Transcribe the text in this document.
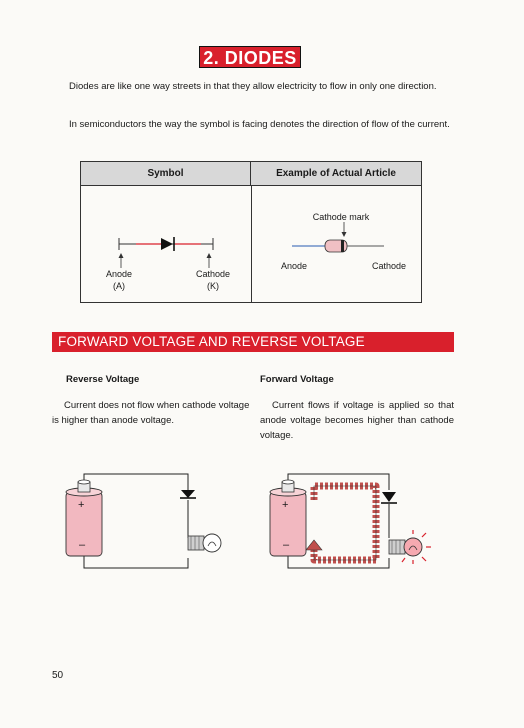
2. DIODES
Diodes are like one way streets in that they allow electricity to flow in only one direction.
In semiconductors the way the symbol is facing denotes the direction of flow of the current.
Symbol	Example of Actual Article
Anode
(A)
Cathode
(K)
Cathode mark
Anode	Cathode
FORWARD VOLTAGE AND REVERSE VOLTAGE
Reverse Voltage	Forward Voltage
Current does not flow when cathode voltage is higher than anode voltage.
Current flows if voltage is applied so that anode voltage becomes higher than cathode voltage.
+
–
+
–
50
